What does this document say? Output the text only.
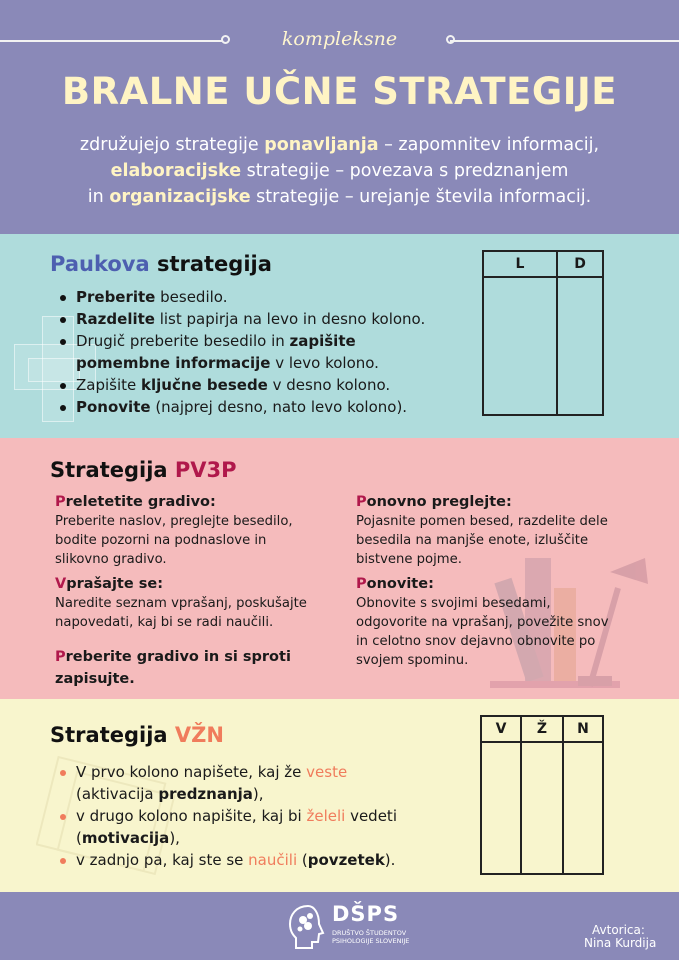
kompleksne
BRALNE UČNE STRATEGIJE
združujejo strategije ponavljanja – zapomnitev informacij,
elaboracijske strategije – povezava s predznanjem
in organizacijske strategije – urejanje števila informacij.
Paukova strategija
Preberite besedilo.
Razdelite list papirja na levo in desno kolono.
Drugič preberite besedilo in zapišite
pomembne informacije v levo kolono.
Zapišite ključne besede v desno kolono.
Ponovite (najprej desno, nato levo kolono).
L	D
Strategija PV3P
Preletetite gradivo:

Preberite naslov, preglejte besedilo, bodite pozorni na podnaslove in slikovno gradivo.

Vprašajte se:

Naredite seznam vprašanj, poskušajte napovedati, kaj bi se radi naučili.

Preberite gradivo in si sproti zapisujte.
Ponovno preglejte:

Pojasnite pomen besed, razdelite dele besedila na manjše enote, izluščite bistvene pojme.

Ponovite:

Obnovite s svojimi besedami, odgovorite na vprašanj, povežite snov in celotno snov dejavno obnovite po svojem spominu.

Strategija VŽN
V prvo kolono napišete, kaj že veste
(aktivacija predznanja),
v drugo kolono napišite, kaj bi želeli vedeti (motivacija),
v zadnjo pa, kaj ste se naučili (povzetek).
V	Ž	N
DŠPS
DRUŠTVO ŠTUDENTOV
PSIHOLOGIJE SLOVENIJE
Avtorica:
Nina Kurdija
